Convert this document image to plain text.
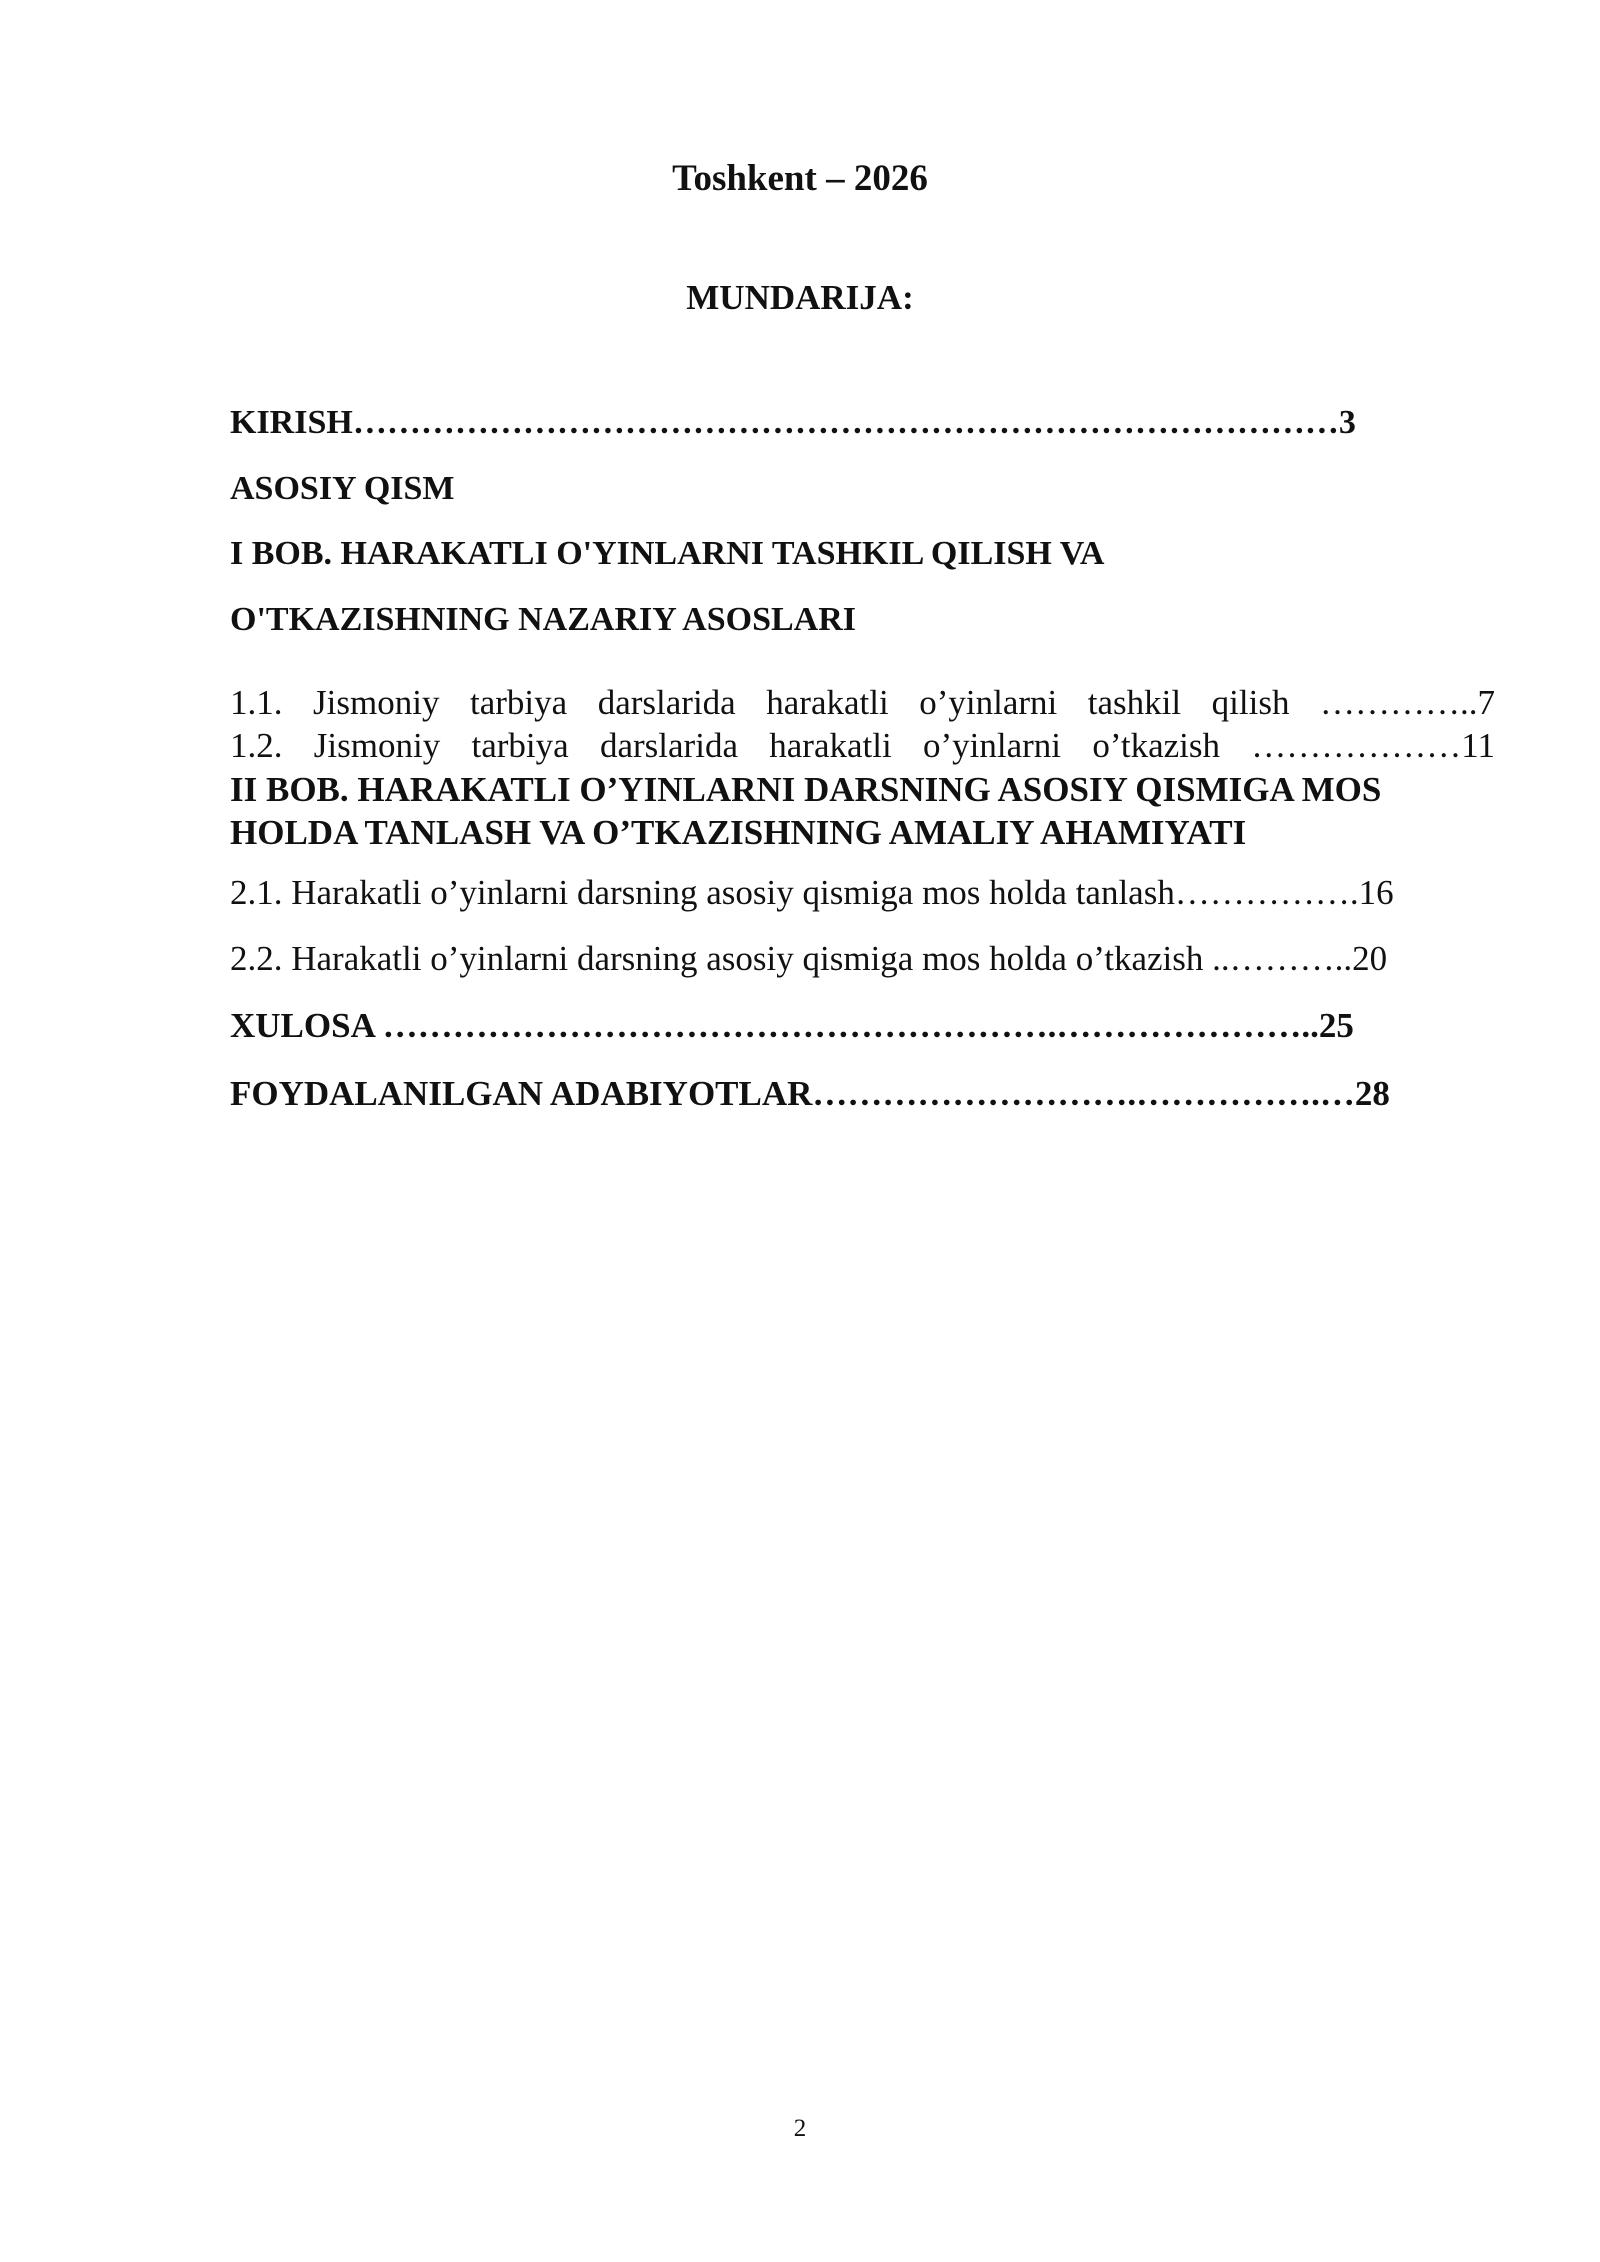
Toshkent – 2026
MUNDARIJA:
KIRISH……………………………………………………………………………3
ASOSIY QISM
I BOB. HARAKATLI O'YINLARNI TASHKIL QILISH VA
O'TKAZISHNING NAZARIY ASOSLARI
1.1. Jismoniy tarbiya darslarida harakatli o’yinlarni tashkil qilish …………..7
1.2. Jismoniy tarbiya darslarida harakatli o’yinlarni o’tkazish ………………11
II BOB. HARAKATLI O’YINLARNI DARSNING ASOSIY QISMIGA MOS
HOLDA TANLASH VA O’TKAZISHNING AMALIY AHAMIYATI
2.1. Harakatli o’yinlarni darsning asosiy qismiga mos holda tanlash…………….16
2.2. Harakatli o’yinlarni darsning asosiy qismiga mos holda o’tkazish ..………..20
XULOSA ………………………………………………….…………………..25
FOYDALANILGAN ADABIYOTLAR……………………….…………….…28
2
